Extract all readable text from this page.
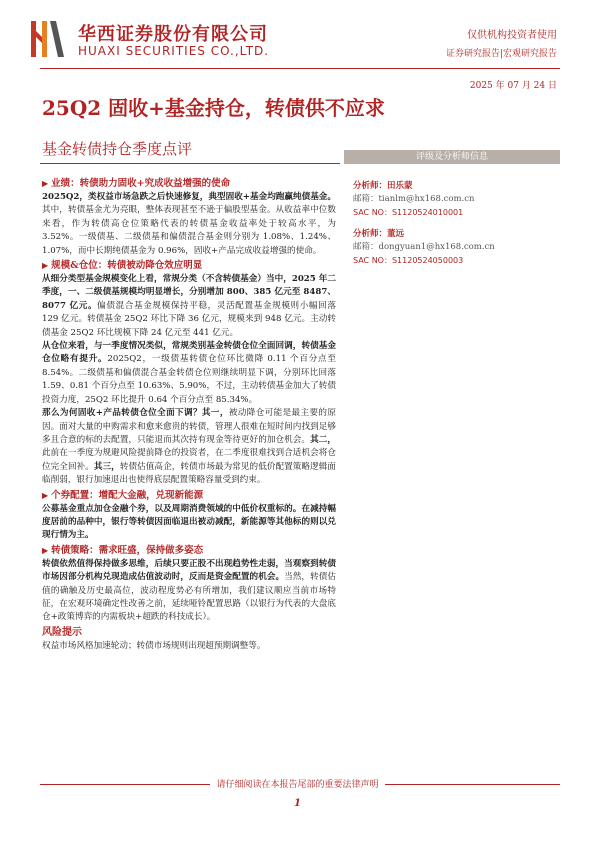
华西证券股份有限公司
HUAXI SECURITIES CO.,LTD.
仅供机构投资者使用
证券研究报告|宏观研究报告
2025 年 07 月 24 日
25Q2 固收+基金持仓，转债供不应求
基金转债持仓季度点评	评级及分析师信息
分析师：田乐蒙
邮箱：tianlm@hx168.com.cn
SAC NO：S1120524010001
分析师：董远
邮箱：dongyuan1@hx168.com.cn
SAC NO：S1120524050003

▶ 业绩：转债助力固收+究成收益增强的使命

2025Q2，类权益市场急跌之后快速修复，典型固收+基金均跑赢纯债基金。其中，转债基金尤为亮眼，整体表现甚至不逊于偏股型基金。从收益率中位数来看，作为转债高仓位策略代表的转债基金收益率处于较高水平，为 3.52%。一级债基、二级债基和偏债混合基金则分别为 1.08%、1.24%、1.07%，而中长期纯债基金为 0.96%，固收+产品完成收益增强的使命。

▶ 规模&仓位：转债被动降仓效应明显

从细分类型基金规模变化上看，常规分类（不含转债基金）当中，2025 年二季度，一、二级债基规模均明显增长，分别增加 800、385 亿元至 8487、8077 亿元。偏债混合基金规模保持平稳，灵活配置基金规模则小幅回落 129 亿元。转债基金 25Q2 环比下降 36 亿元，规模来到 948 亿元。主动转债基金 25Q2 环比规模下降 24 亿元至 441 亿元。

从仓位来看，与一季度情况类似，常规类别基金转债仓位全面回调，转债基金仓位略有提升。2025Q2，一级债基转债仓位环比微降 0.11 个百分点至 8.54%。二级债基和偏债混合基金转债仓位则继续明显下调，分别环比回落 1.59、0.81 个百分点至 10.63%、5.90%，不过，主动转债基金加大了转债投资力度，25Q2 环比提升 0.64 个百分点至 85.34%。

那么为何固收+产品转债仓位全面下调？其一，被动降仓可能是最主要的原因。面对大量的申购需求和愈来愈贵的转债，管理人很难在短时间内找到足够多且合意的标的去配置，只能退而其次持有现金等待更好的加仓机会。其二，此前在一季度为规避风险提前降仓的投资者，在二季度很难找到合适机会将仓位完全回补。其三，转债估值高企，转债市场最为常见的低价配置策略逻辑面临削弱，银行加速退出也使得底层配置策略容量受到约束。

▶ 个券配置：增配大金融，兑现新能源

公募基金重点加仓金融个券，以及周期消费领域的中低价权重标的。在减持幅度居前的品种中，银行等转债因面临退出被动减配，新能源等其他标的则以兑现行情为主。

▶ 转债策略：需求旺盛，保持做多姿态

转债依然值得保持做多思维，后续只要正股不出现趋势性走弱，当观察到转债市场因部分机构兑现造成估值波动时，反而是资金配置的机会。当然，转债估值的确触及历史最高位，波动程度势必有所增加，我们建议顺应当前市场特征，在宏观环境确定性改善之前，延续哑铃配置思路（以银行为代表的大盘底仓+政策博弈的内需板块+超跌的科技成长）。

风险提示

权益市场风格加速轮动；转债市场规则出现超预期调整等。

请仔细阅读在本报告尾部的重要法律声明
1
